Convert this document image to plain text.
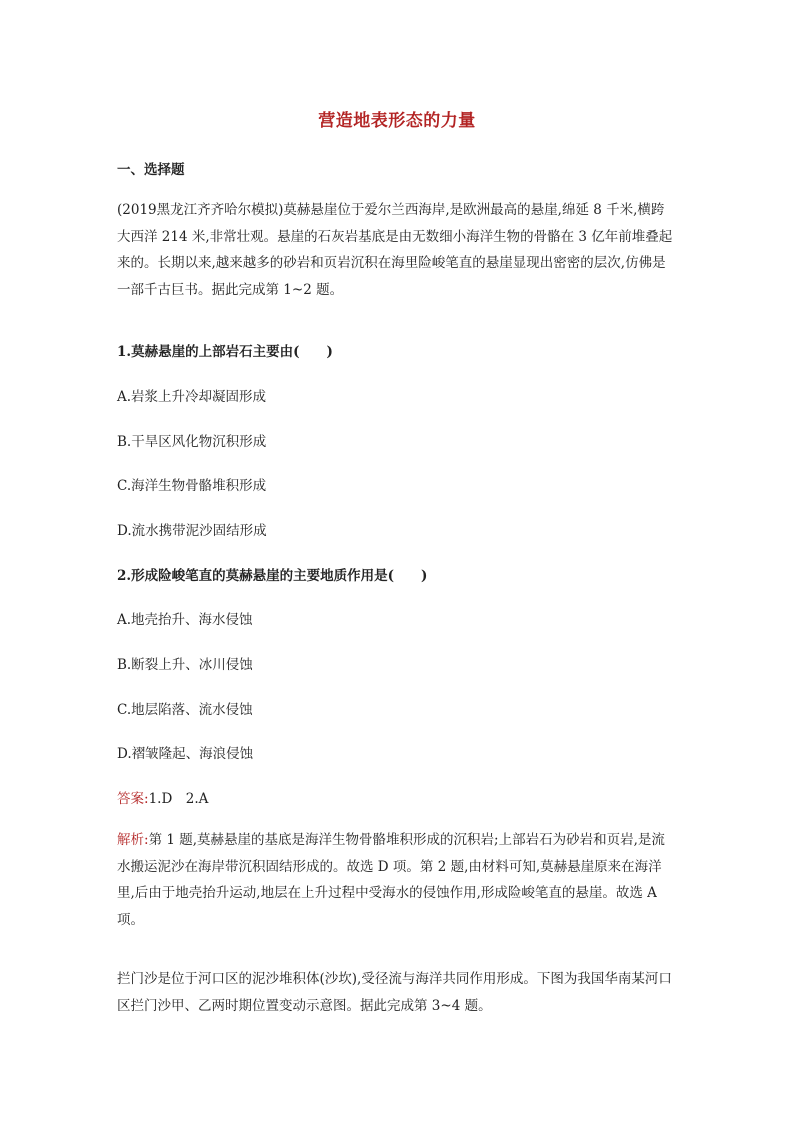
营造地表形态的力量
一、选择题
(2019黑龙江齐齐哈尔模拟)莫赫悬崖位于爱尔兰西海岸,是欧洲最高的悬崖,绵延 8 千米,横跨大西洋 214 米,非常壮观。悬崖的石灰岩基底是由无数细小海洋生物的骨骼在 3 亿年前堆叠起来的。长期以来,越来越多的砂岩和页岩沉积在海里险峻笔直的悬崖显现出密密的层次,仿佛是一部千古巨书。据此完成第 1~2 题。
1.莫赫悬崖的上部岩石主要由(　　)
A.岩浆上升冷却凝固形成
B.干旱区风化物沉积形成
C.海洋生物骨骼堆积形成
D.流水携带泥沙固结形成
2.形成险峻笔直的莫赫悬崖的主要地质作用是(　　)
A.地壳抬升、海水侵蚀
B.断裂上升、冰川侵蚀
C.地层陷落、流水侵蚀
D.褶皱隆起、海浪侵蚀
答案:1.D　2.A
解析:第 1 题,莫赫悬崖的基底是海洋生物骨骼堆积形成的沉积岩;上部岩石为砂岩和页岩,是流水搬运泥沙在海岸带沉积固结形成的。故选 D 项。第 2 题,由材料可知,莫赫悬崖原来在海洋里,后由于地壳抬升运动,地层在上升过程中受海水的侵蚀作用,形成险峻笔直的悬崖。故选 A 项。
拦门沙是位于河口区的泥沙堆积体(沙坎),受径流与海洋共同作用形成。下图为我国华南某河口区拦门沙甲、乙两时期位置变动示意图。据此完成第 3~4 题。
